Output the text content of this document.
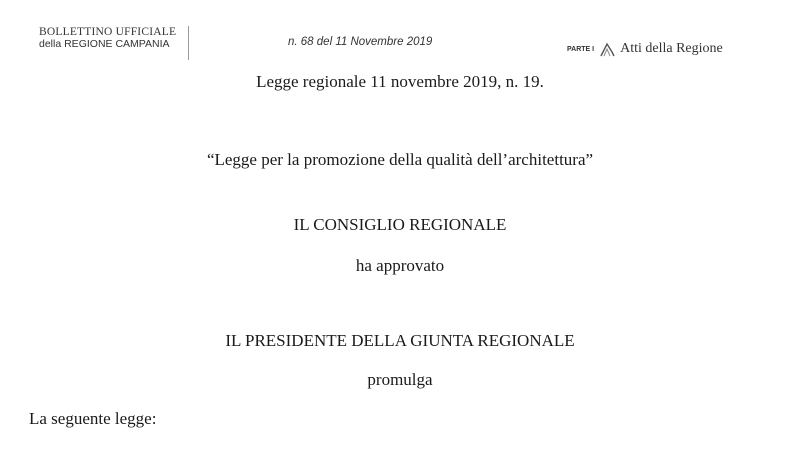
BOLLETTINO UFFICIALE
della REGIONE CAMPANIA	n. 68 del 11 Novembre 2019
PARTE I Atti della Regione
Legge regionale 11 novembre 2019, n. 19.
“Legge per la promozione della qualità dell’architettura”
IL CONSIGLIO REGIONALE
ha approvato
IL PRESIDENTE DELLA GIUNTA REGIONALE
promulga
La seguente legge:
